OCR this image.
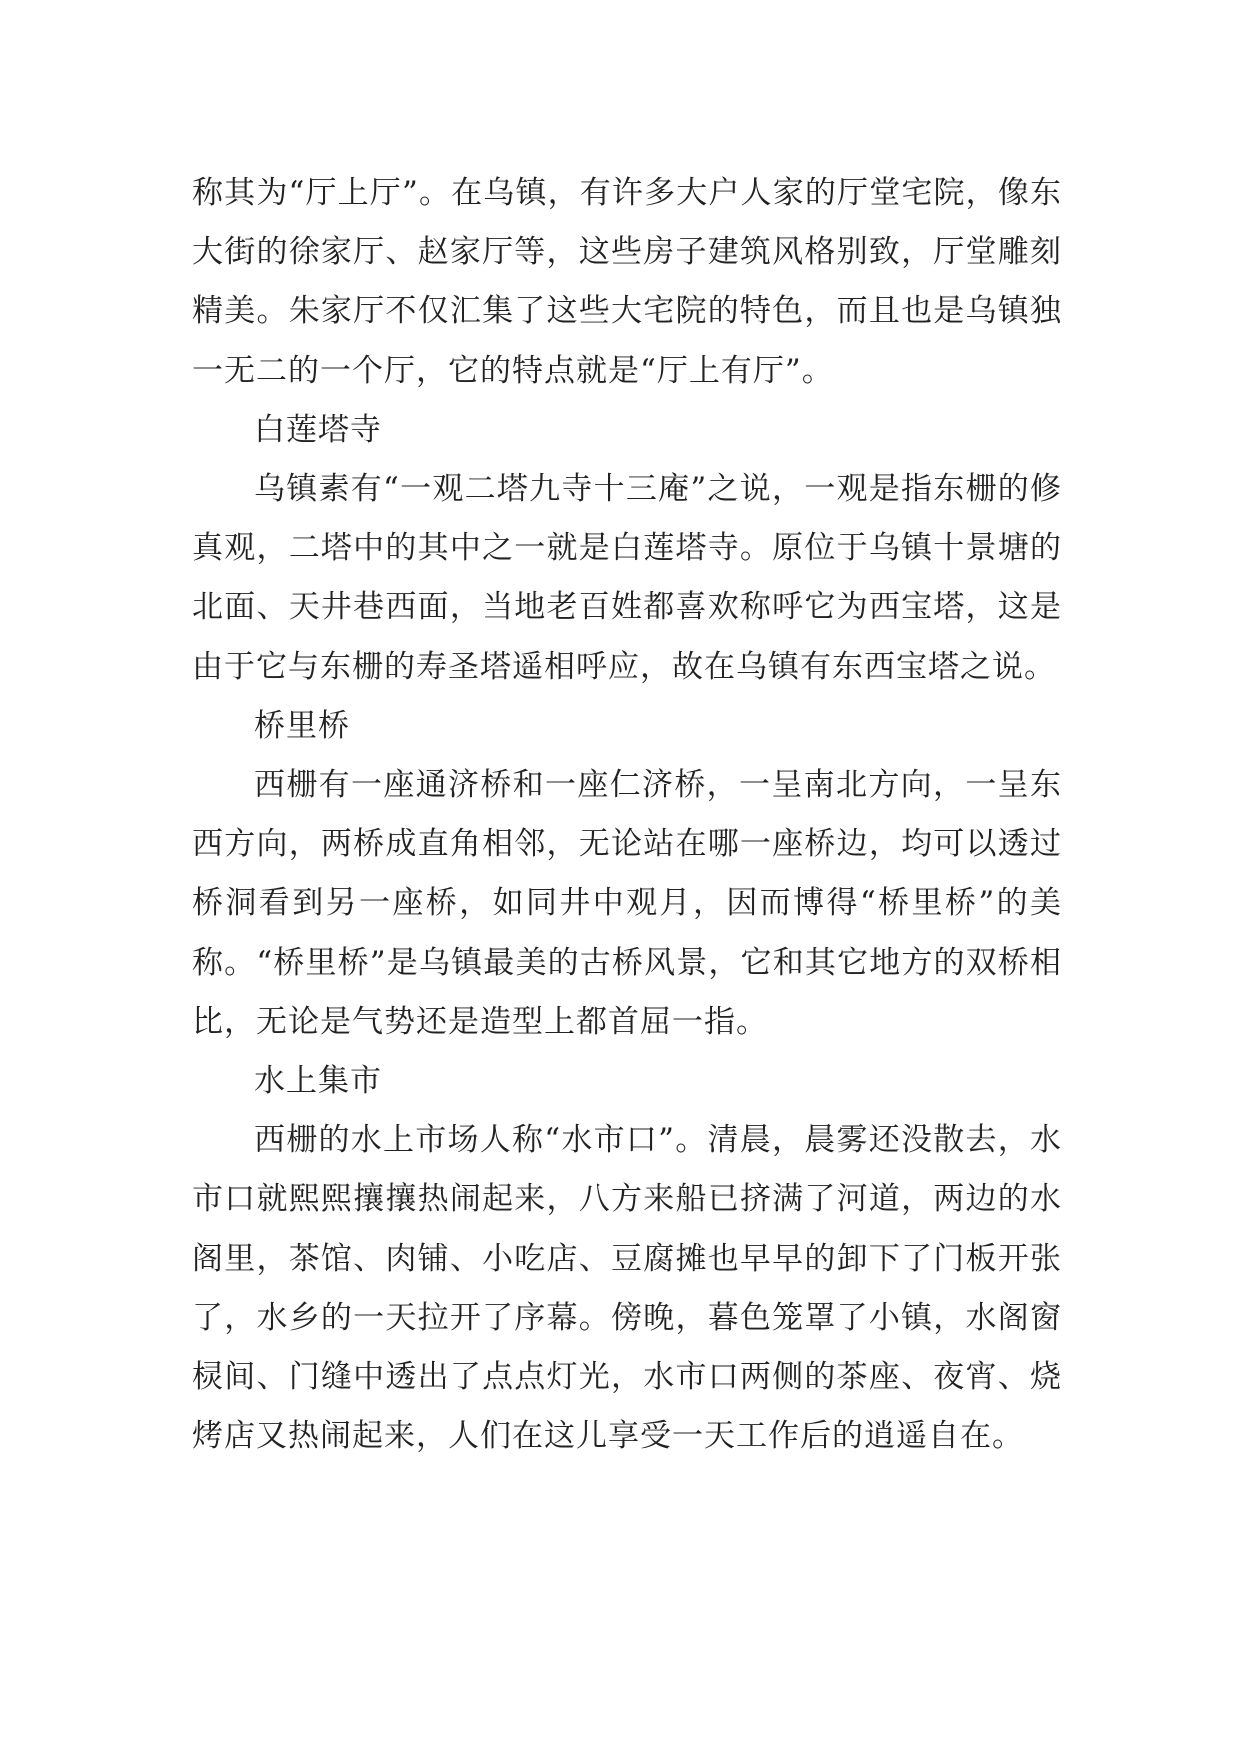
称其为“厅上厅”。在乌镇，有许多大户人家的厅堂宅院，像东大街的徐家厅、赵家厅等，这些房子建筑风格别致，厅堂雕刻精美。朱家厅不仅汇集了这些大宅院的特色，而且也是乌镇独一无二的一个厅，它的特点就是“厅上有厅”。

白莲塔寺

乌镇素有“一观二塔九寺十三庵”之说，一观是指东栅的修真观，二塔中的其中之一就是白莲塔寺。原位于乌镇十景塘的北面、天井巷西面，当地老百姓都喜欢称呼它为西宝塔，这是由于它与东栅的寿圣塔遥相呼应，故在乌镇有东西宝塔之说。

桥里桥

西栅有一座通济桥和一座仁济桥，一呈南北方向，一呈东西方向，两桥成直角相邻，无论站在哪一座桥边，均可以透过桥洞看到另一座桥，如同井中观月，因而博得“桥里桥”的美称。“桥里桥”是乌镇最美的古桥风景，它和其它地方的双桥相比，无论是气势还是造型上都首屈一指。

水上集市

西栅的水上市场人称“水市口”。清晨，晨雾还没散去，水市口就熙熙攘攘热闹起来，八方来船已挤满了河道，两边的水阁里，茶馆、肉铺、小吃店、豆腐摊也早早的卸下了门板开张了，水乡的一天拉开了序幕。傍晚，暮色笼罩了小镇，水阁窗棂间、门缝中透出了点点灯光，水市口两侧的茶座、夜宵、烧烤店又热闹起来，人们在这儿享受一天工作后的逍遥自在。
